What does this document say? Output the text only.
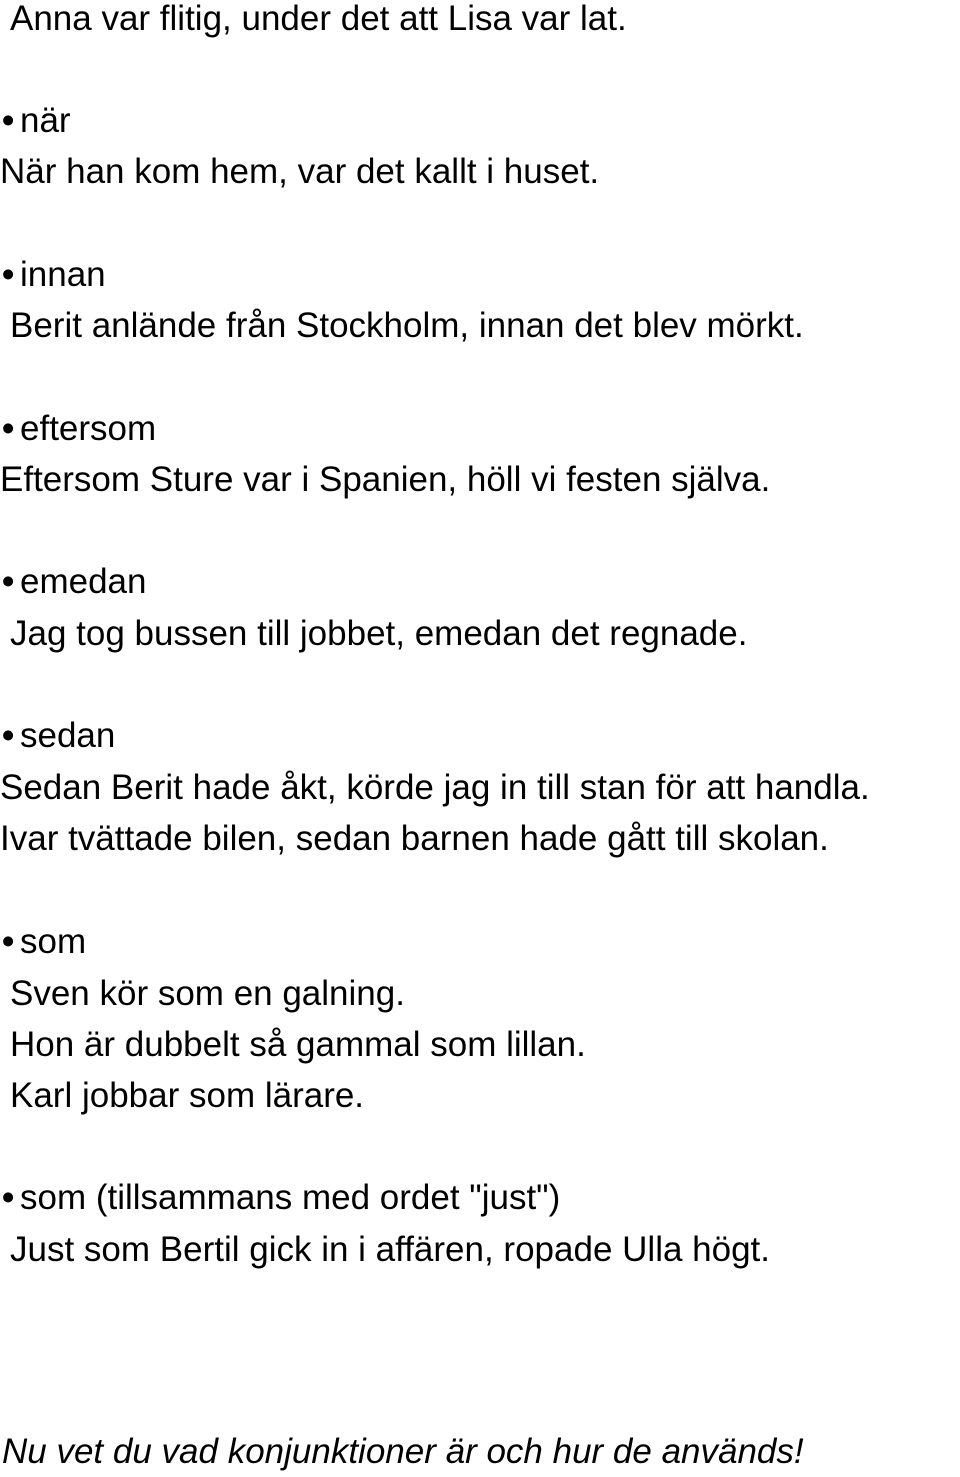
Anna var flitig, under det att Lisa var lat.

• när

När han kom hem, var det kallt i huset.

• innan

Berit anlände från Stockholm, innan det blev mörkt.

• eftersom

Eftersom Sture var i Spanien, höll vi festen själva.

• emedan

Jag tog bussen till jobbet, emedan det regnade.

• sedan

Sedan Berit hade åkt, körde jag in till stan för att handla.

Ivar tvättade bilen, sedan barnen hade gått till skolan.

• som

Sven kör som en galning.

Hon är dubbelt så gammal som lillan.

Karl jobbar som lärare.

• som (tillsammans med ordet "just")

Just som Bertil gick in i affären, ropade Ulla högt.

Nu vet du vad konjunktioner är och hur de används!
